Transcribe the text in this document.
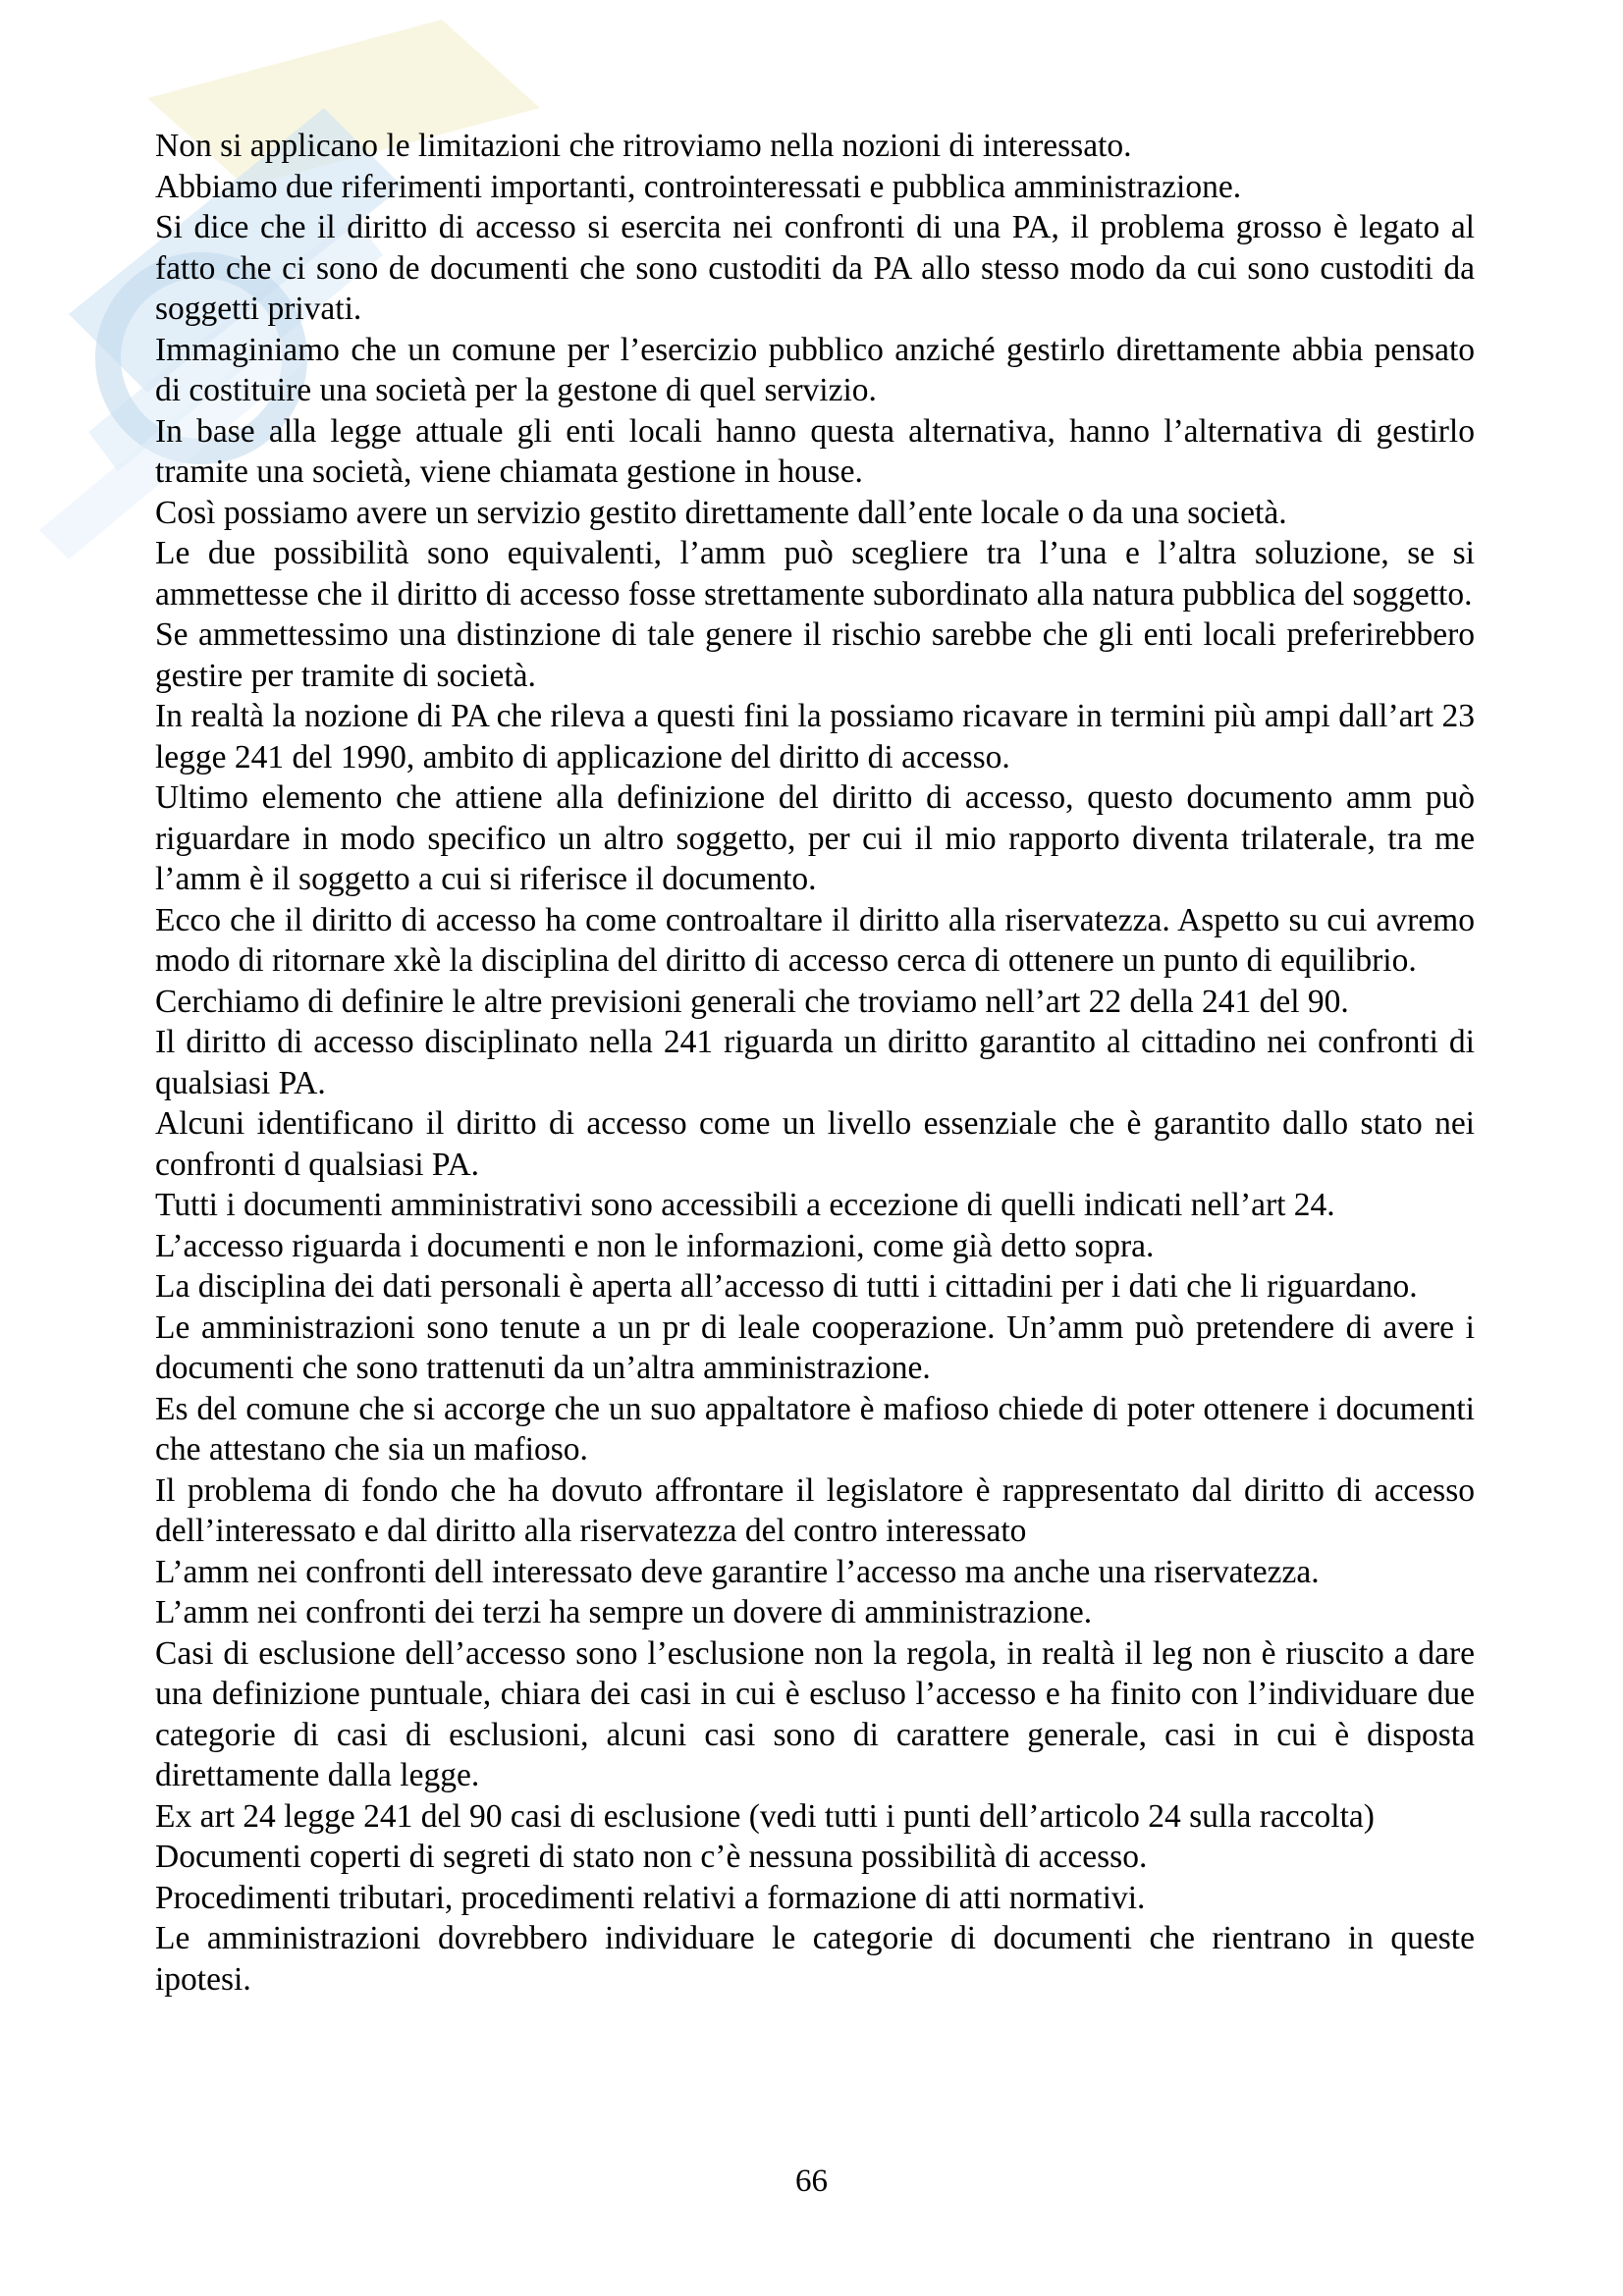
Non si applicano le limitazioni che ritroviamo nella nozioni di interessato.

Abbiamo due riferimenti importanti, controinteressati e pubblica amministrazione.

Si dice che il diritto di accesso si esercita nei confronti di una PA, il problema grosso è legato al fatto che ci sono de documenti che sono custoditi da PA allo stesso modo da cui sono custoditi da soggetti privati.

Immaginiamo che un comune per l’esercizio pubblico anziché gestirlo direttamente abbia pensato di costituire una società per la gestone di quel servizio.

In base alla legge attuale gli enti locali hanno questa alternativa, hanno l’alternativa di gestirlo tramite una società, viene chiamata gestione in house.

Così possiamo avere un servizio gestito direttamente dall’ente locale o da una società.

Le due possibilità sono equivalenti, l’amm può scegliere tra l’una e l’altra soluzione, se si ammettesse che il diritto di accesso fosse strettamente subordinato alla natura pubblica del soggetto.

Se ammettessimo una distinzione di tale genere il rischio sarebbe che gli enti locali preferirebbero gestire per tramite di società.

In realtà la nozione di PA che rileva a questi fini la possiamo ricavare in termini più ampi dall’art 23 legge 241 del 1990, ambito di applicazione del diritto di accesso.

Ultimo elemento che attiene alla definizione del diritto di accesso, questo documento amm può riguardare in modo specifico un altro soggetto, per cui il mio rapporto diventa trilaterale, tra me l’amm è il soggetto a cui si riferisce il documento.

Ecco che il diritto di accesso ha come controaltare il diritto alla riservatezza. Aspetto su cui avremo modo di ritornare xkè la disciplina del diritto di accesso cerca di ottenere un punto di equilibrio.

Cerchiamo di definire le altre previsioni generali che troviamo nell’art 22 della 241 del 90.

Il diritto di accesso disciplinato nella 241 riguarda un diritto garantito al cittadino nei confronti di qualsiasi PA.

Alcuni identificano il diritto di accesso come un livello essenziale che è garantito dallo stato nei confronti d qualsiasi PA.

Tutti i documenti amministrativi sono accessibili a eccezione di quelli indicati nell’art 24.

L’accesso riguarda i documenti e non le informazioni, come già detto sopra.

La disciplina dei dati personali è aperta all’accesso di tutti i cittadini per i dati che li riguardano.

Le amministrazioni sono tenute a un pr di leale cooperazione. Un’amm può pretendere di avere i documenti che sono trattenuti da un’altra amministrazione.

Es del comune che si accorge che un suo appaltatore è mafioso chiede di poter ottenere i documenti che attestano che sia un mafioso.

Il problema di fondo che ha dovuto affrontare il legislatore è rappresentato dal diritto di accesso dell’interessato e dal diritto alla riservatezza del contro interessato

L’amm nei confronti dell interessato deve garantire l’accesso ma anche una riservatezza.

L’amm nei confronti dei terzi ha sempre un dovere di amministrazione.

Casi di esclusione dell’accesso sono l’esclusione non la regola, in realtà il leg non è riuscito a dare una definizione puntuale, chiara dei casi in cui è escluso l’accesso e ha finito con l’individuare due categorie di casi di esclusioni, alcuni casi sono di carattere generale, casi in cui è disposta direttamente dalla legge.

Ex art 24 legge 241 del 90 casi di esclusione (vedi tutti i punti dell’articolo 24 sulla raccolta)

Documenti coperti di segreti di stato non c’è nessuna possibilità di accesso.

Procedimenti tributari, procedimenti relativi a formazione di atti normativi.

Le amministrazioni dovrebbero individuare le categorie di documenti che rientrano in queste ipotesi.

66
